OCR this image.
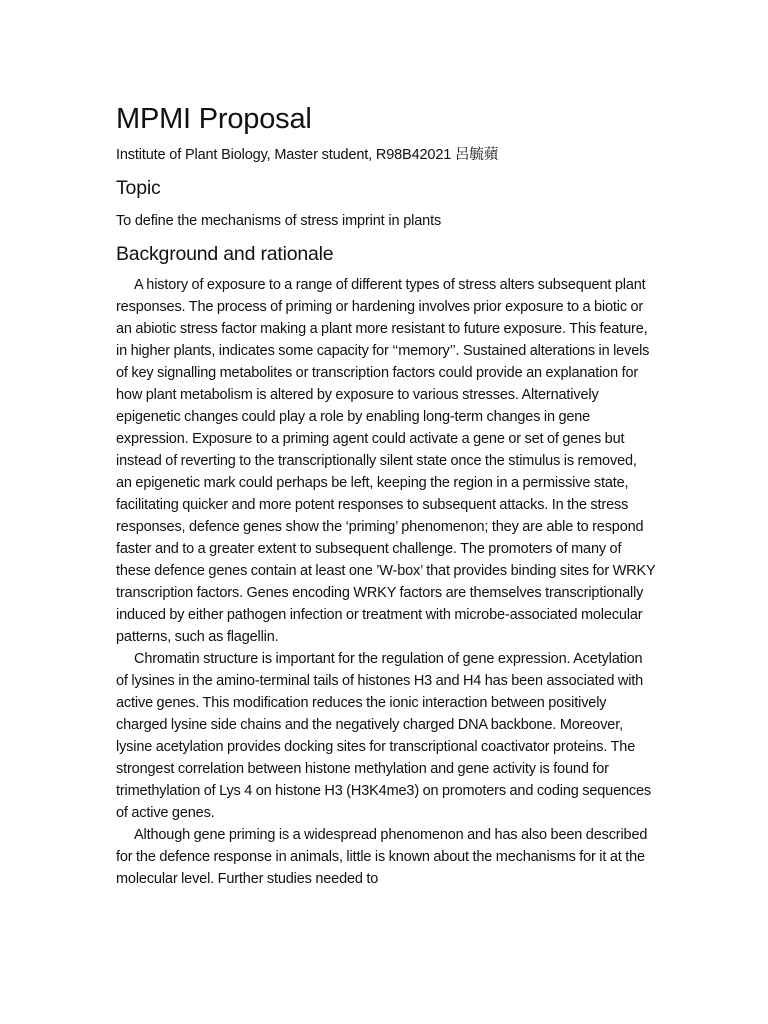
MPMI Proposal
Institute of Plant Biology, Master student, R98B42021 呂毓蘋
Topic
To define the mechanisms of stress imprint in plants
Background and rationale

A history of exposure to a range of different types of stress alters subsequent plant responses. The process of priming or hardening involves prior exposure to a biotic or an abiotic stress factor making a plant more resistant to future exposure. This feature, in higher plants, indicates some capacity for ‘‘memory’’. Sustained alterations in levels of key signalling metabolites or transcription factors could provide an explanation for how plant metabolism is altered by exposure to various stresses. Alternatively epigenetic changes could play a role by enabling long-term changes in gene expression. Exposure to a priming agent could activate a gene or set of genes but instead of reverting to the transcriptionally silent state once the stimulus is removed, an epigenetic mark could perhaps be left, keeping the region in a permissive state, facilitating quicker and more potent responses to subsequent attacks. In the stress responses, defence genes show the ‘priming’ phenomenon; they are able to respond faster and to a greater extent to subsequent challenge. The promoters of many of these defence genes contain at least one ’W-box’ that provides binding sites for WRKY transcription factors. Genes encoding WRKY factors are themselves transcriptionally induced by either pathogen infection or treatment with microbe-associated molecular patterns, such as flagellin.

Chromatin structure is important for the regulation of gene expression. Acetylation of lysines in the amino-terminal tails of histones H3 and H4 has been associated with active genes. This modification reduces the ionic interaction between positively charged lysine side chains and the negatively charged DNA backbone. Moreover, lysine acetylation provides docking sites for transcriptional coactivator proteins. The strongest correlation between histone methylation and gene activity is found for trimethylation of Lys 4 on histone H3 (H3K4me3) on promoters and coding sequences of active genes.

Although gene priming is a widespread phenomenon and has also been described for the defence response in animals, little is known about the mechanisms for it at the molecular level. Further studies needed to
